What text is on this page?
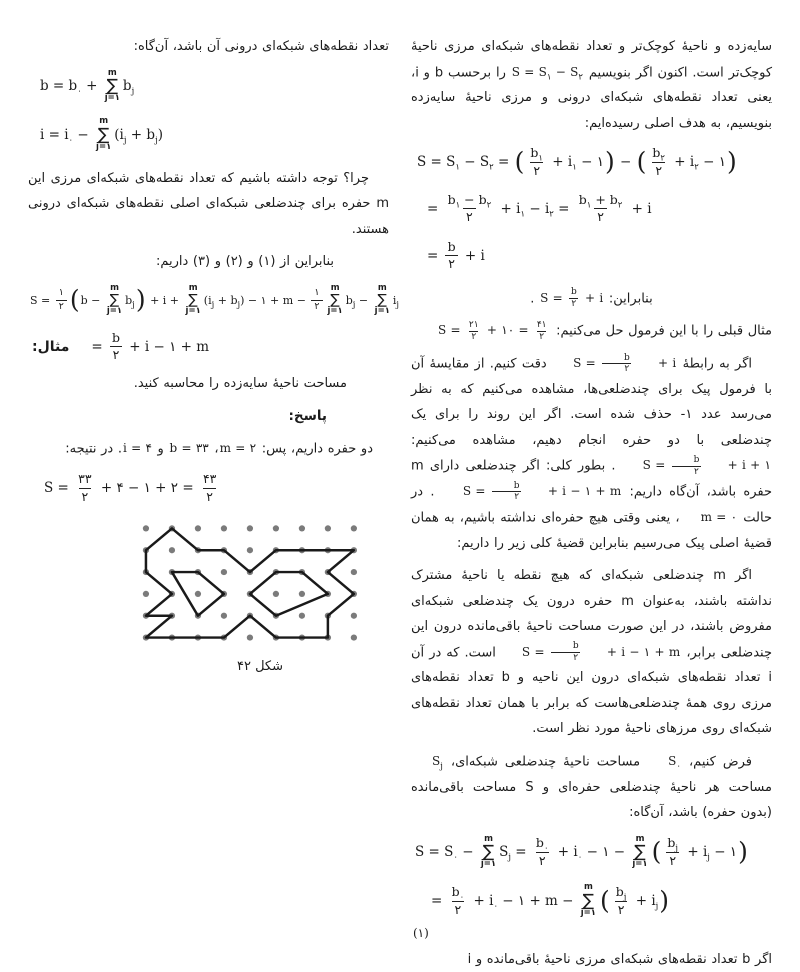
سایه‌زده و ناحیهٔ کوچک‌تر و تعداد نقطه‌های شبکه‌ای مرزی ناحیهٔ کوچک‌تر است. اکنون اگر بنویسیم
$S = S_۱ - S_۲$
را برحسب b و i، یعنی تعداد نقطه‌های شبکه‌ای درونی و مرزی ناحیهٔ سایه‌زده بنویسیم، به هدف اصلی رسیده‌ایم:
$S = S_۱ - S_۲$ = ( $\frac{b_۱}{۲} + i_۱$ − ۱ ) − ( $\frac{b_۲}{۲} + i_۲$ − ۱ )
= $\frac{b_۱ - b_۲}{۲} + i_۱ - i_۲ = \frac{b_۱ + b_۲}{۲} + i$
= $\frac{b}{۲} + i$
بنابراین:
$S = \frac{b}{۲} + i$
.
مثال قبلی را با این فرمول حل می‌کنیم:
$S = \frac{۲۱}{۲}$ + ۱۰ = $\frac{۴۱}{۲}$
اگر به رابطهٔ
$S = \frac{b}{۲}$	+ i
دقت کنیم. از مقایسهٔ آن با فرمول پیک برای چندضلعی‌ها، مشاهده می‌کنیم که به نظر می‌رسد عدد ۱- حذف شده است. اگر این روند را برای یک چندضلعی با دو حفره انجام دهیم، مشاهده می‌کنیم:
$S = \frac{b}{۲}$	+ i + ۱
. بطور کلی: اگر چندضلعی دارای m حفره باشد، آن‌گاه داریم:
$S = \frac{b}{۲}$	+ i − ۱ + m
. در حالت
m = ۰
، یعنی وقتی هیچ حفره‌ای نداشته باشیم، به همان قضیهٔ اصلی پیک می‌رسیم بنابراین قضیهٔ کلی زیر را داریم:
اگر m چندضلعی شبکه‌ای که هیچ نقطه یا ناحیهٔ مشترک نداشته باشند، به‌عنوان m حفره درون یک چندضلعی شبکه‌ای مفروض باشند، در این صورت مساحت ناحیهٔ باقی‌مانده درون این چندضلعی برابر،
$S = \frac{b}{۲}$	+ i − ۱ + m
است. که در آن i تعداد نقطه‌های شبکه‌ای درون این ناحیه و b تعداد نقطه‌های مرزی روی همهٔ چندضلعی‌هاست که برابر با همان تعداد نقطه‌های شبکه‌ای روی مرزهای ناحیهٔ مورد نظر است.
فرض کنیم،
$S_۰$
مساحت ناحیهٔ چندضلعی شبکه‌ای،
$S_j$
مساحت هر ناحیهٔ چندضلعی حفره‌ای و S مساحت باقی‌مانده (بدون حفره) باشد، آن‌گاه:
$S = S_۰$ −
m
∑
j=۱
$S_j = \frac{b_۰}{۲} + i_۰$ − ۱ −
m
∑
j=۱ ( $\frac{b_j}{۲} + i_j$ − ۱ )
= $\frac{b_۰}{۲} + i_۰$ − ۱ + m −
m
∑
j=۱ ( $\frac{b_j}{۲} + i_j$ )
(۱)
اگر b تعداد نقطه‌های شبکه‌ای مرزی ناحیهٔ باقی‌مانده و i
تعداد نقطه‌های شبکه‌ای درونی آن باشد، آن‌گاه:
$b = b_۰$ +
m
∑
j=۱
$b_j$
$i = i_۰$ −
m
∑
j=۱
( $i_j + b_j$ )
چرا؟ توجه داشته باشیم که تعداد نقطه‌های شبکه‌ای مرزی این m حفره برای چندضلعی شبکه‌ای اصلی نقطه‌های شبکه‌ای درونی هستند.
بنابراین از (۱) و (۲) و (۳) داریم:
$S = \frac{۱}{۲}$ ( b −
m
∑
j=۱
$b_j$ ) + i +
m
∑
j=۱
( $i_j + b_j$ ) − ۱ + $m - \frac{۱}{۲}$ m
∑
j=۱
$b_j$ −
m
∑
j=۱
$i_j$
مثال: = $\frac{b}{۲} + i$ − ۱ + m
مساحت ناحیهٔ سایه‌زده را محاسبه کنید.
پاسخ:
دو حفره داریم، پس:
m = ۲
،
b = ۳۳
و
i = ۴
. در نتیجه:
$S = \frac{۳۳}{۲}$ + ۴ − ۱ + ۲ = $\frac{۴۳}{۲}$
شکل ۴۲
